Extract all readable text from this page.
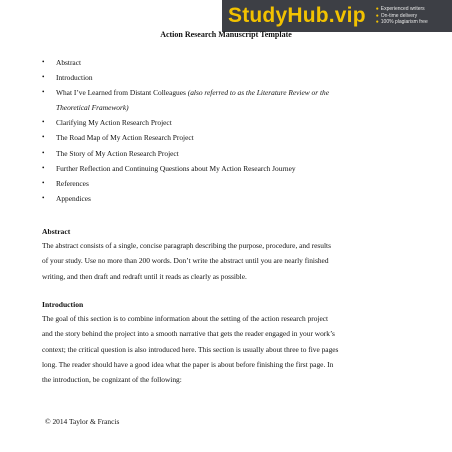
StudyHub.vip ● Experienced writers
● On-time delivery
● 100% plagiarism free
Action Research Manuscript Template
• Abstract
• Introduction
• What I’ve Learned from Distant Colleagues (also referred to as the Literature Review or the
Theoretical Framework)
• Clarifying My Action Research Project
• The Road Map of My Action Research Project
• The Story of My Action Research Project
• Further Reflection and Continuing Questions about My Action Research Journey
• References
• Appendices
Abstract

The abstract consists of a single, concise paragraph describing the purpose, procedure, and results
of your study. Use no more than 200 words. Don’t write the abstract until you are nearly finished
writing, and then draft and redraft until it reads as clearly as possible.

Introduction

The goal of this section is to combine information about the setting of the action research project
and the story behind the project into a smooth narrative that gets the reader engaged in your work’s
context; the critical question is also introduced here. This section is usually about three to five pages
long. The reader should have a good idea what the paper is about before finishing the first page. In
the introduction, be cognizant of the following:

© 2014 Taylor & Francis
